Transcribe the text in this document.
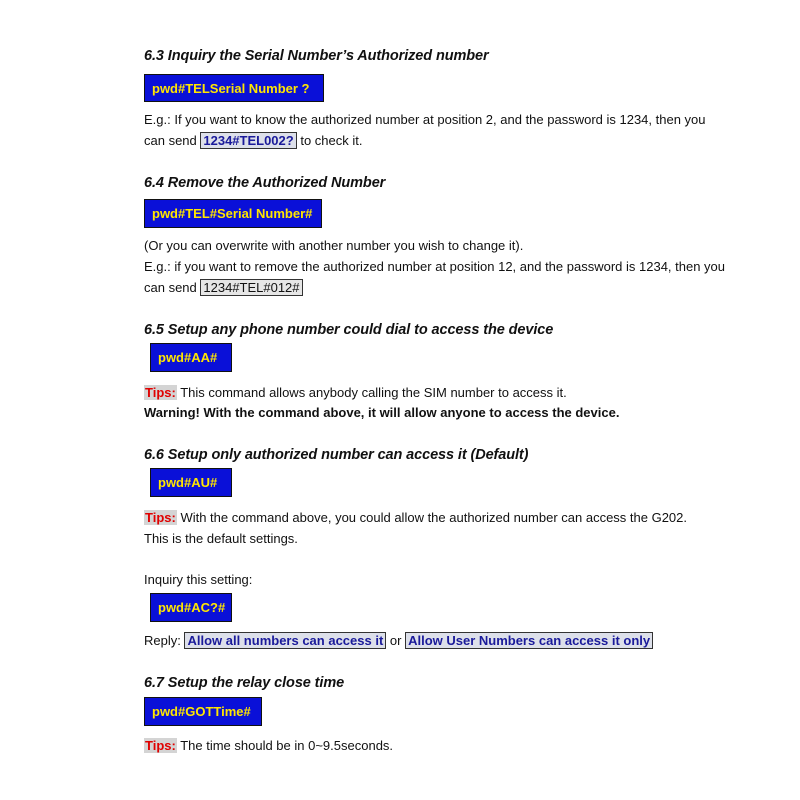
6.3 Inquiry the Serial Number’s Authorized number
pwd#TELSerial Number ?
E.g.: If you want to know the authorized number at position 2, and the password is 1234, then you
can send 1234#TEL002? to check it.
6.4 Remove the Authorized Number
pwd#TEL#Serial Number#
(Or you can overwrite with another number you wish to change it).
E.g.: if you want to remove the authorized number at position 12, and the password is 1234, then you
can send 1234#TEL#012#
6.5 Setup any phone number could dial to access the device
pwd#AA#
Tips: This command allows anybody calling the SIM number to access it.
Warning! With the command above, it will allow anyone to access the device.
6.6 Setup only authorized number can access it (Default)
pwd#AU#
Tips: With the command above, you could allow the authorized number can access the G202.
This is the default settings.
Inquiry this setting:
pwd#AC?#
Reply: Allow all numbers can access it or Allow User Numbers can access it only
6.7 Setup the relay close time
pwd#GOTTime#
Tips: The time should be in 0~9.5seconds.
